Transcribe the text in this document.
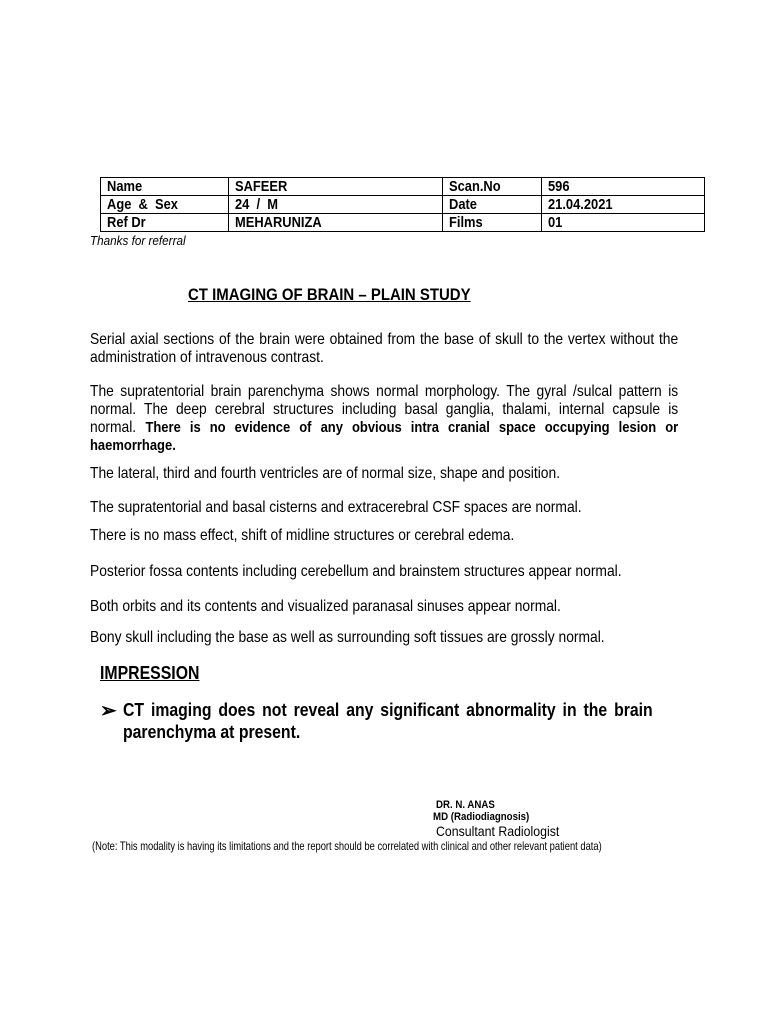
Name	SAFEER	Scan.No	596
Age  &  Sex	24  /  M	Date	21.04.2021
Ref Dr	MEHARUNIZA	Films	01
Thanks for referral
CT IMAGING OF BRAIN – PLAIN STUDY
Serial axial sections of the brain were obtained from the base of skull to the vertex without the administration of intravenous contrast.
The supratentorial brain parenchyma shows normal morphology. The gyral /sulcal pattern is normal. The deep cerebral structures including basal ganglia, thalami, internal capsule is normal. There is no evidence of any obvious intra cranial space occupying lesion or haemorrhage.
The lateral, third and fourth ventricles are of normal size, shape and position.
The supratentorial and basal cisterns and extracerebral CSF spaces are normal.
There is no mass effect, shift of midline structures or cerebral edema.
Posterior fossa contents including cerebellum and brainstem structures appear normal.
Both orbits and its contents and visualized paranasal sinuses appear normal.
Bony skull including the base as well as surrounding soft tissues are grossly normal.
IMPRESSION
➢ CT imaging does not reveal any significant abnormality in the brain parenchyma at present.
DR. N. ANAS
MD (Radiodiagnosis)
Consultant Radiologist
(Note: This modality is having its limitations and the report should be correlated with clinical and other relevant patient data)
